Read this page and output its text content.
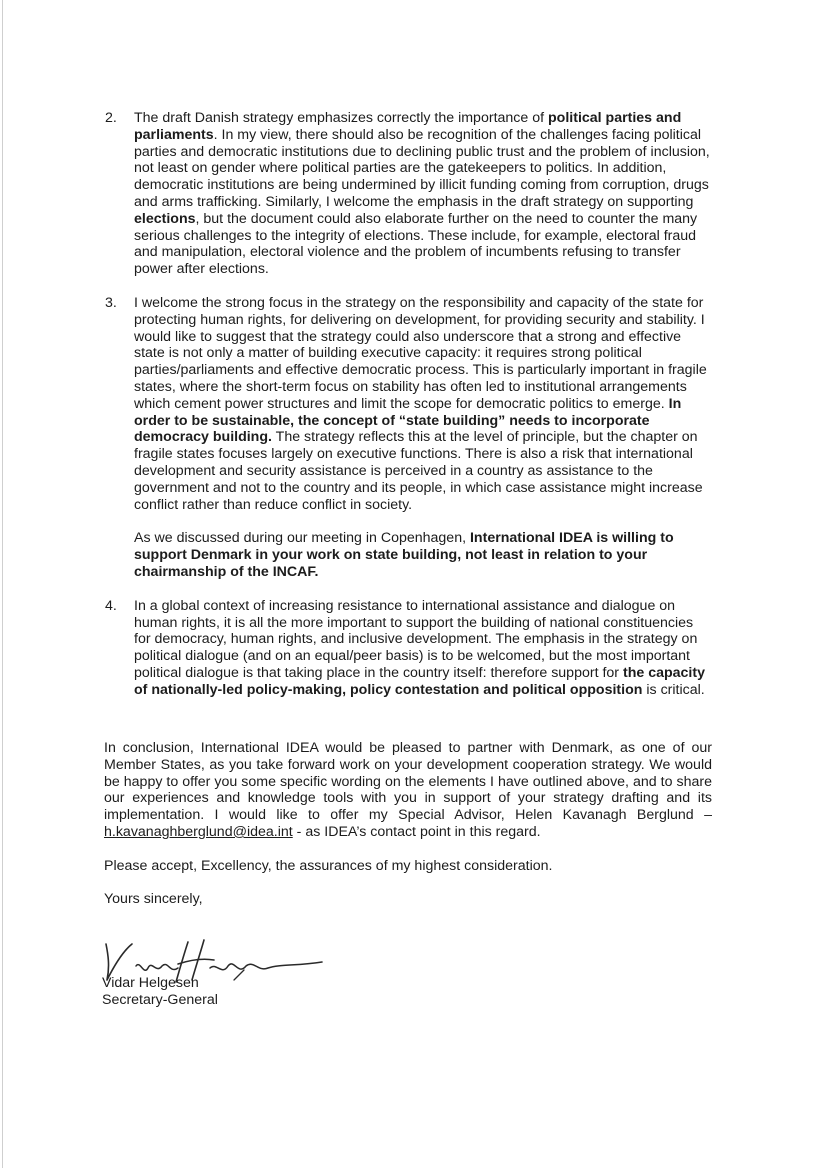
2. The draft Danish strategy emphasizes correctly the importance of political parties and parliaments. In my view, there should also be recognition of the challenges facing political parties and democratic institutions due to declining public trust and the problem of inclusion, not least on gender where political parties are the gatekeepers to politics. In addition, democratic institutions are being undermined by illicit funding coming from corruption, drugs and arms trafficking. Similarly, I welcome the emphasis in the draft strategy on supporting elections, but the document could also elaborate further on the need to counter the many serious challenges to the integrity of elections. These include, for example, electoral fraud and manipulation, electoral violence and the problem of incumbents refusing to transfer power after elections.

3. I welcome the strong focus in the strategy on the responsibility and capacity of the state for protecting human rights, for delivering on development, for providing security and stability. I would like to suggest that the strategy could also underscore that a strong and effective state is not only a matter of building executive capacity: it requires strong political parties/parliaments and effective democratic process. This is particularly important in fragile states, where the short-term focus on stability has often led to institutional arrangements which cement power structures and limit the scope for democratic politics to emerge. In order to be sustainable, the concept of “state building” needs to incorporate democracy building. The strategy reflects this at the level of principle, but the chapter on fragile states focuses largely on executive functions. There is also a risk that international development and security assistance is perceived in a country as assistance to the government and not to the country and its people, in which case assistance might increase conflict rather than reduce conflict in society.

As we discussed during our meeting in Copenhagen, International IDEA is willing to support Denmark in your work on state building, not least in relation to your chairmanship of the INCAF.

4. In a global context of increasing resistance to international assistance and dialogue on human rights, it is all the more important to support the building of national constituencies for democracy, human rights, and inclusive development. The emphasis in the strategy on political dialogue (and on an equal/peer basis) is to be welcomed, but the most important political dialogue is that taking place in the country itself: therefore support for the capacity of nationally-led policy-making, policy contestation and political opposition is critical.

In conclusion, International IDEA would be pleased to partner with Denmark, as one of our Member States, as you take forward work on your development cooperation strategy. We would be happy to offer you some specific wording on the elements I have outlined above, and to share our experiences and knowledge tools with you in support of your strategy drafting and its implementation. I would like to offer my Special Advisor, Helen Kavanagh Berglund – h.kavanaghberglund@idea.int - as IDEA’s contact point in this regard.

Please accept, Excellency, the assurances of my highest consideration.

Yours sincerely,

Vidar Helgesen

Secretary-General
